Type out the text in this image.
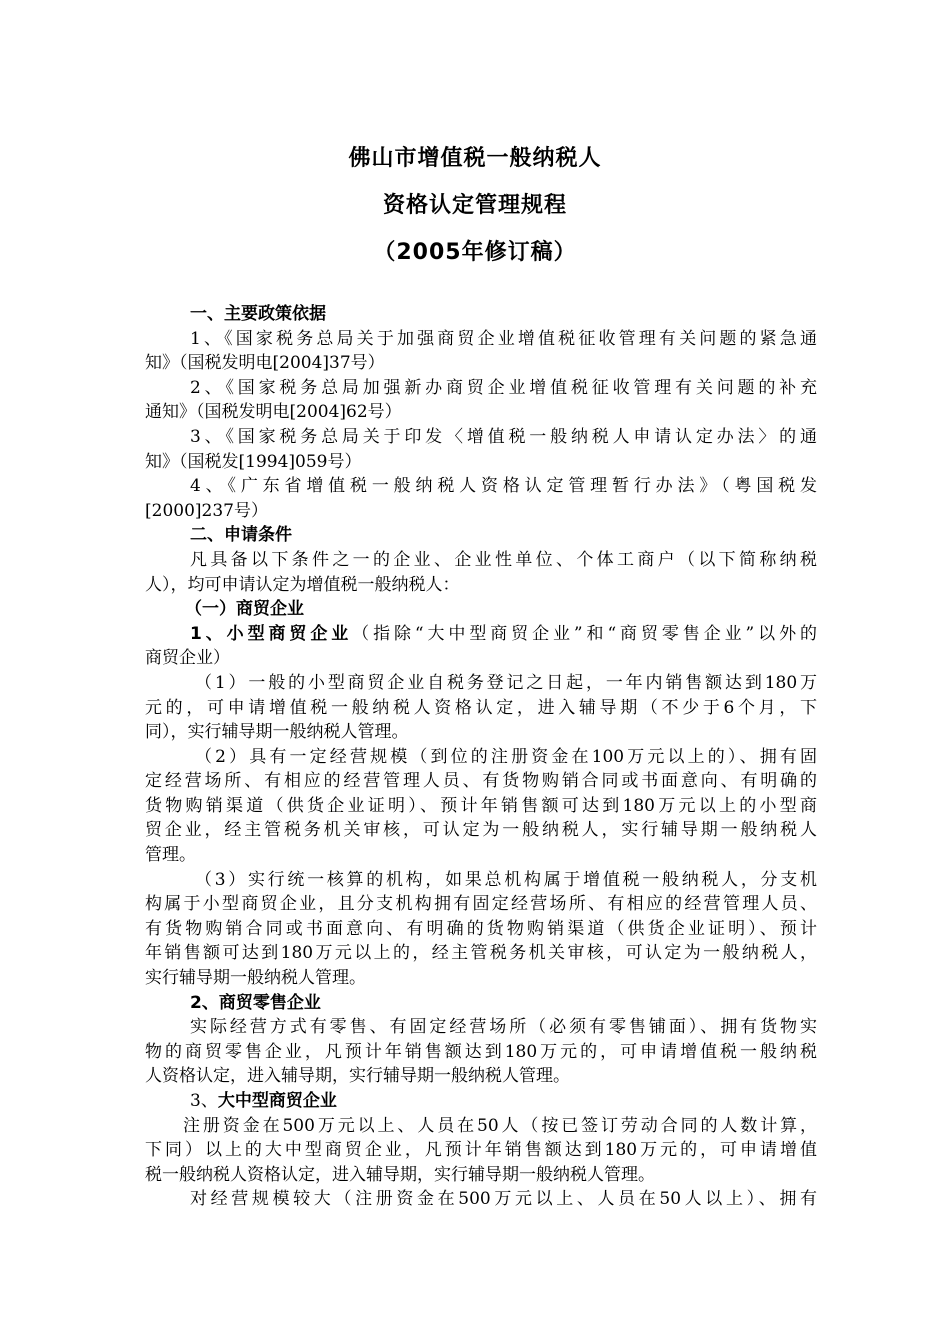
佛山市增值税一般纳税人
资格认定管理规程
（2005年修订稿）
一、主要政策依据
1、《国家税务总局关于加强商贸企业增值税征收管理有关问题的紧急通
知》（国税发明电[2004]37号）
2、《国家税务总局加强新办商贸企业增值税征收管理有关问题的补充
通知》（国税发明电[2004]62号）
3、《国家税务总局关于印发〈增值税一般纳税人申请认定办法〉的通
知》（国税发[1994]059号）
4、《广东省增值税一般纳税人资格认定管理暂行办法》（粤国税发
[2000]237号）
二、申请条件
凡具备以下条件之一的企业、企业性单位、个体工商户（以下简称纳税
人），均可申请认定为增值税一般纳税人：
（一）商贸企业
1、小型商贸企业（指除“大中型商贸企业”和“商贸零售企业”以外的
商贸企业）
（1）一般的小型商贸企业自税务登记之日起，一年内销售额达到180万
元的，可申请增值税一般纳税人资格认定，进入辅导期（不少于6个月，下
同），实行辅导期一般纳税人管理。
（2）具有一定经营规模（到位的注册资金在100万元以上的）、拥有固
定经营场所、有相应的经营管理人员、有货物购销合同或书面意向、有明确的
货物购销渠道（供货企业证明）、预计年销售额可达到180万元以上的小型商
贸企业，经主管税务机关审核，可认定为一般纳税人，实行辅导期一般纳税人
管理。
（3）实行统一核算的机构，如果总机构属于增值税一般纳税人，分支机
构属于小型商贸企业，且分支机构拥有固定经营场所、有相应的经营管理人员、
有货物购销合同或书面意向、有明确的货物购销渠道（供货企业证明）、预计
年销售额可达到180万元以上的，经主管税务机关审核，可认定为一般纳税人，
实行辅导期一般纳税人管理。
2、商贸零售企业
实际经营方式有零售、有固定经营场所（必须有零售铺面）、拥有货物实
物的商贸零售企业，凡预计年销售额达到180万元的，可申请增值税一般纳税
人资格认定，进入辅导期，实行辅导期一般纳税人管理。
3、大中型商贸企业
注册资金在500万元以上、人员在50人（按已签订劳动合同的人数计算，
下同）以上的大中型商贸企业，凡预计年销售额达到180万元的，可申请增值
税一般纳税人资格认定，进入辅导期，实行辅导期一般纳税人管理。
对经营规模较大（注册资金在500万元以上、人员在50人以上）、拥有
